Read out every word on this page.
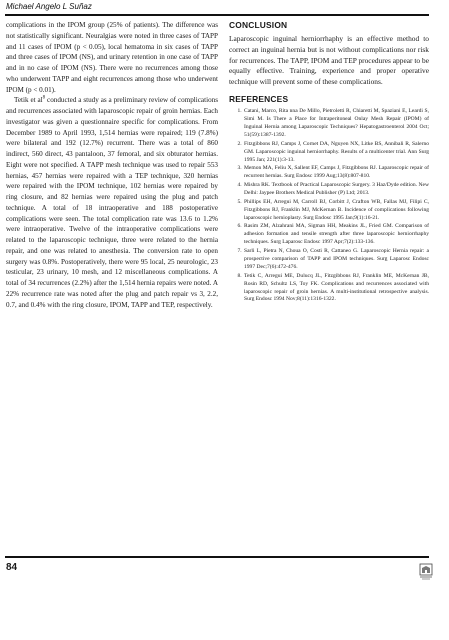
Michael Angelo L Suñaz

complications in the IPOM group (25% of patients). The difference was not statistically significant. Neuralgias were noted in three cases of TAPP and 11 cases of IPOM (p < 0.05), local hematoma in six cases of TAPP and three cases of IPOM (NS), and urinary retention in one case of TAPP and in no case of IPOM (NS). There were no recurrences among those who underwent TAPP and eight recurrences among those who underwent IPOM (p < 0.01).

Tetik et $al^8$ conducted a study as a preliminary review of complications and recurrences associated with laparoscopic repair of groin hernias. Each investigator was given a questionnaire specific for complications. From December 1989 to April 1993, 1,514 hernias were repaired; 119 (7.8%) were bilateral and 192 (12.7%) recurrent. There was a total of 860 indirect, 560 direct, 43 pantaloon, 37 femoral, and six obturator hernias. Eight were not specified. A TAPP mesh technique was used to repair 553 hernias, 457 hernias were repaired with a TEP technique, 320 hernias were repaired with the IPOM technique, 102 hernias were repaired by ring closure, and 82 hernias were repaired using the plug and patch technique. A total of 18 intraoperative and 188 postoperative complications were seen. The total complication rate was 13.6 to 1.2% were intraoperative. Twelve of the intraoperative complications were related to the laparoscopic technique, three were related to the hernia repair, and one was related to anesthesia. The conversion rate to open surgery was 0.8%. Postoperatively, there were 95 local, 25 neurologic, 23 testicular, 23 urinary, 10 mesh, and 12 miscellaneous complications. A total of 34 recurrences (2.2%) after the 1,514 hernia repairs were noted. A 22% recurrence rate was noted after the plug and patch repair vs 3, 2.2, 0.7, and 0.4% with the ring closure, IPOM, TAPP and TEP, respectively.

CONCLUSION

Laparoscopic inguinal herniorrhaphy is an effective method to correct an inguinal hernia but is not without complications nor risk for recurrences. The TAPP, IPOM and TEP procedures appear to be equally effective. Training, experience and proper operative technique will prevent some of these complications.

REFERENCES
1. Catani, Marco, Rita nna De Millo, Pietroletti R, Chiaretti M, Spaziani E, Leardi S, Simi M. Is There a Place for Intraperitoneal Onlay Mesh Repair (IPOM) of Inguinal Hernia among Laparoscopic Techniques? Hepatogastroenterol 2004 Oct; 51(59):1387-1392.
2. Fitzgibbons RJ, Camps J, Cornet DA, Nguyen NX, Litke BS, Annibali R, Salerno GM. Laparoscopic inguinal herniorrhaphy. Results of a multicenter trial. Ann Surg 1995 Jan; 221(1):3-13.
3. Memon MA, Feliu X, Sallent EF, Camps J, Fitzgibbons RJ. Laparoscopic repair of recurrent hernias. Surg Endosc 1999 Aug;13(8):807-810.
4. Mishra RK. Textbook of Practical Laparoscopic Surgery. 3 Haz/Dyde edition. New Delhi: Jaypee Brothers Medical Publisher (P) Ltd; 2013.
5. Phillips EH, Arregui M, Carroll BJ, Corbitt J, Crafton WB, Fallas MJ, Filipi C, Fitzgibbons RJ, Franklin MJ, McKernan B. Incidence of complications following laparoscopic hernioplasty. Surg Endosc 1995 Jan;9(1):16-21.
6. Rasim ZM, Alzahrani MA, Sigman HH, Meakins JL, Fried GM. Comparison of adhesion formation and tensile strength after three laparoscopic herniorrhaphy techniques. Surg Laparosc Endosc 1997 Apr;7(2):133-136.
7. Sarli L, Pietra N, Choua O, Costi R, Cattaneo G. Laparoscopic Hernia repair: a prospective comparison of TAPP and IPOM techniques. Surg Laparosc Endosc 1997 Dec;7(6):472-476.
8. Tetik C, Arregui ME, Dulucq JL, Fitzgibbons RJ, Franklin ME, McKernan JB, Rosin RD, Schultz LS, Toy FK. Complications and recurrences associated with laparoscopic repair of groin hernias. A multi-institutional retrospective analysis. Surg Endosc 1994 Nov;8(11):1316-1322.
84
